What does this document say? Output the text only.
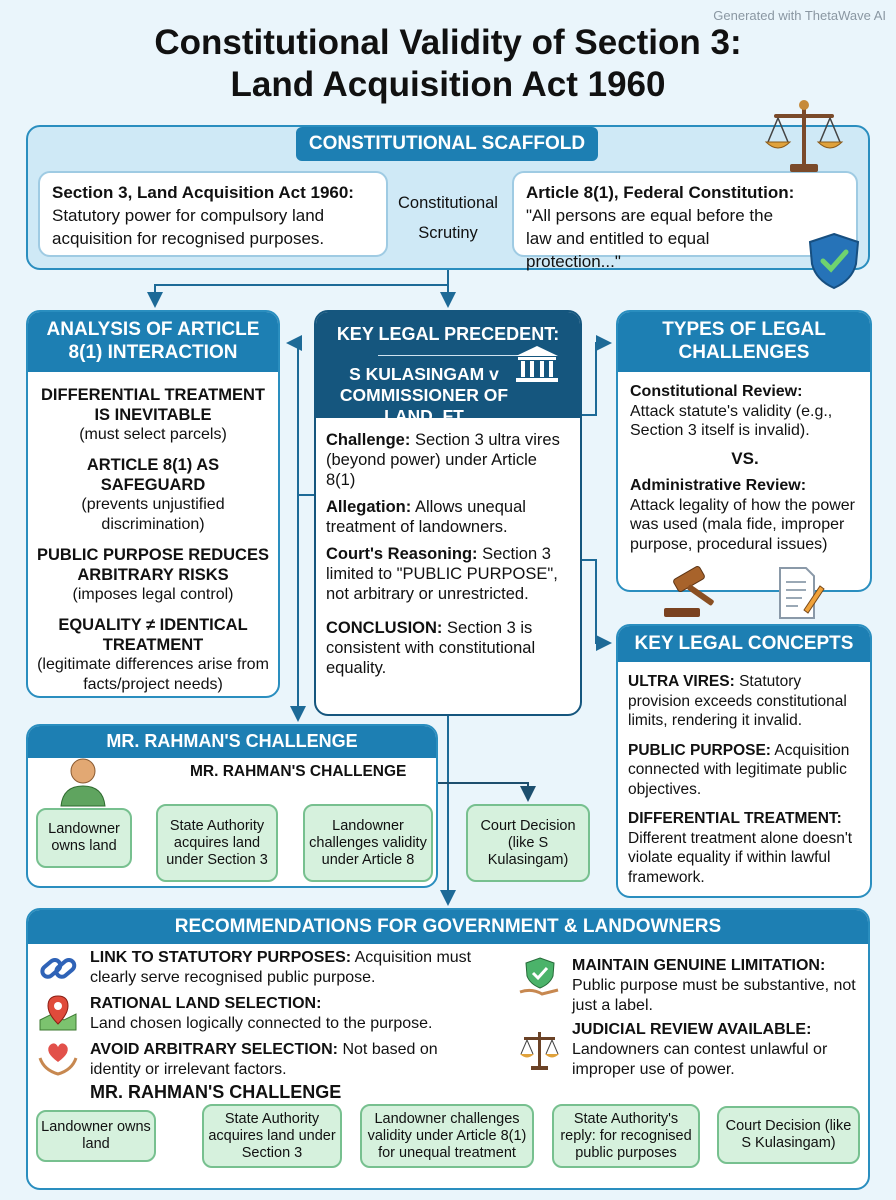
Generated with ThetaWave AI
Constitutional Validity of Section 3:
Land Acquisition Act 1960
CONSTITUTIONAL SCAFFOLD
Section 3, Land Acquisition Act 1960:
Statutory power for compulsory land acquisition for recognised purposes.
Constitutional
Scrutiny
Article 8(1), Federal Constitution:
"All persons are equal before the law and entitled to equal protection..."
ANALYSIS OF ARTICLE 8(1) INTERACTION
DIFFERENTIAL TREATMENT IS INEVITABLE
(must select parcels)
ARTICLE 8(1) AS SAFEGUARD
(prevents unjustified discrimination)
PUBLIC PURPOSE REDUCES ARBITRARY RISKS
(imposes legal control)
EQUALITY ≠ IDENTICAL TREATMENT
(legitimate differences arise from facts/project needs)
KEY LEGAL PRECEDENT:
S KULASINGAM v COMMISSIONER OF LAND, FT

Challenge: Section 3 ultra vires (beyond power) under Article 8(1)

Allegation: Allows unequal treatment of landowners.

Court's Reasoning: Section 3 limited to "PUBLIC PURPOSE", not arbitrary or unrestricted.

CONCLUSION: Section 3 is consistent with constitutional equality.

TYPES OF LEGAL CHALLENGES
Constitutional Review:
Attack statute's validity (e.g., Section 3 itself is invalid).
VS.
Administrative Review:
Attack legality of how the power was used (mala fide, improper purpose, procedural issues)
KEY LEGAL CONCEPTS

ULTRA VIRES: Statutory provision exceeds constitutional limits, rendering it invalid.

PUBLIC PURPOSE: Acquisition connected with legitimate public objectives.

DIFFERENTIAL TREATMENT: Different treatment alone doesn't violate equality if within lawful framework.

MR. RAHMAN'S CHALLENGE
MR. RAHMAN'S CHALLENGE
Landowner owns land
State Authority acquires land under Section 3
Landowner challenges validity under Article 8
Court Decision (like S Kulasingam)
RECOMMENDATIONS FOR GOVERNMENT & LANDOWNERS
LINK TO STATUTORY PURPOSES: Acquisition must clearly serve recognised public purpose.
RATIONAL LAND SELECTION:
Land chosen logically connected to the purpose.
AVOID ARBITRARY SELECTION: Not based on identity or irrelevant factors.
MAINTAIN GENUINE LIMITATION: Public purpose must be substantive, not just a label.
JUDICIAL REVIEW AVAILABLE:
Landowners can contest unlawful or improper use of power.
MR. RAHMAN'S CHALLENGE
Landowner owns land
State Authority acquires land under Section 3
Landowner challenges validity under Article 8(1) for unequal treatment
State Authority's reply: for recognised public purposes
Court Decision (like S Kulasingam)
